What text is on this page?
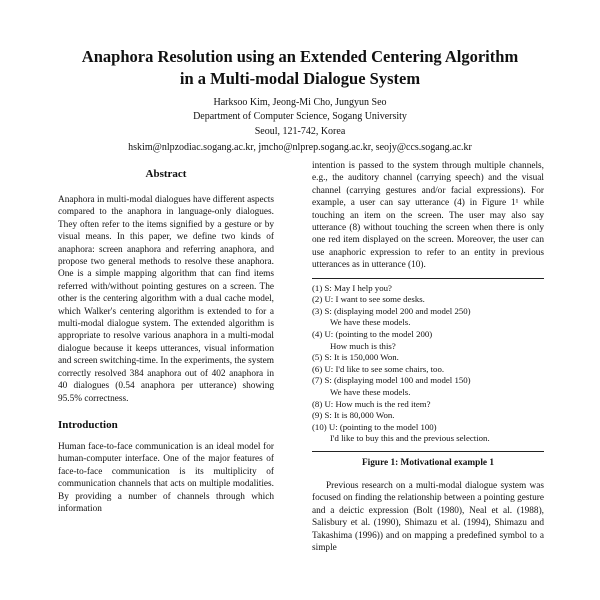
Anaphora Resolution using an Extended Centering Algorithm
in a Multi-modal Dialogue System
Harksoo Kim, Jeong-Mi Cho, Jungyun Seo
Department of Computer Science, Sogang University
Seoul, 121-742, Korea
hskim@nlpzodiac.sogang.ac.kr, jmcho@nlprep.sogang.ac.kr, seojy@ccs.sogang.ac.kr
Abstract

Anaphora in multi-modal dialogues have different aspects compared to the anaphora in language-only dialogues. They often refer to the items signified by a gesture or by visual means. In this paper, we define two kinds of anaphora: screen anaphora and referring anaphora, and propose two general methods to resolve these anaphora. One is a simple mapping algorithm that can find items referred with/without pointing gestures on a screen. The other is the centering algorithm with a dual cache model, which Walker's centering algorithm is extended to for a multi-modal dialogue system. The extended algorithm is appropriate to resolve various anaphora in a multi-modal dialogue because it keeps utterances, visual information and screen switching-time. In the experiments, the system correctly resolved 384 anaphora out of 402 anaphora in 40 dialogues (0.54 anaphora per utterance) showing 95.5% correctness.

Introduction

Human face-to-face communication is an ideal model for human-computer interface. One of the major features of face-to-face communication is its multiplicity of communication channels that acts on multiple modalities. By providing a number of channels through which information

intention is passed to the system through multiple channels, e.g., the auditory channel (carrying speech) and the visual channel (carrying gestures and/or facial expressions). For example, a user can say utterance (4) in Figure 1¹ while touching an item on the screen. The user may also say utterance (8) without touching the screen when there is only one red item displayed on the screen. Moreover, the user can use anaphoric expression to refer to an entity in previous utterances as in utterance (10).

(1) S: May I help you?
(2) U: I want to see some desks.
(3) S: (displaying model 200 and model 250)
We have these models.
(4) U: (pointing to the model 200)
How much is this?
(5) S: It is 150,000 Won.
(6) U: I'd like to see some chairs, too.
(7) S: (displaying model 100 and model 150)
We have these models.
(8) U: How much is the red item?
(9) S: It is 80,000 Won.
(10) U: (pointing to the model 100)
I'd like to buy this and the previous selection.
Figure 1: Motivational example 1

Previous research on a multi-modal dialogue system was focused on finding the relationship between a pointing gesture and a deictic expression (Bolt (1980), Neal et al. (1988), Salisbury et al. (1990), Shimazu et al. (1994), Shimazu and Takashima (1996)) and on mapping a predefined symbol to a simple
